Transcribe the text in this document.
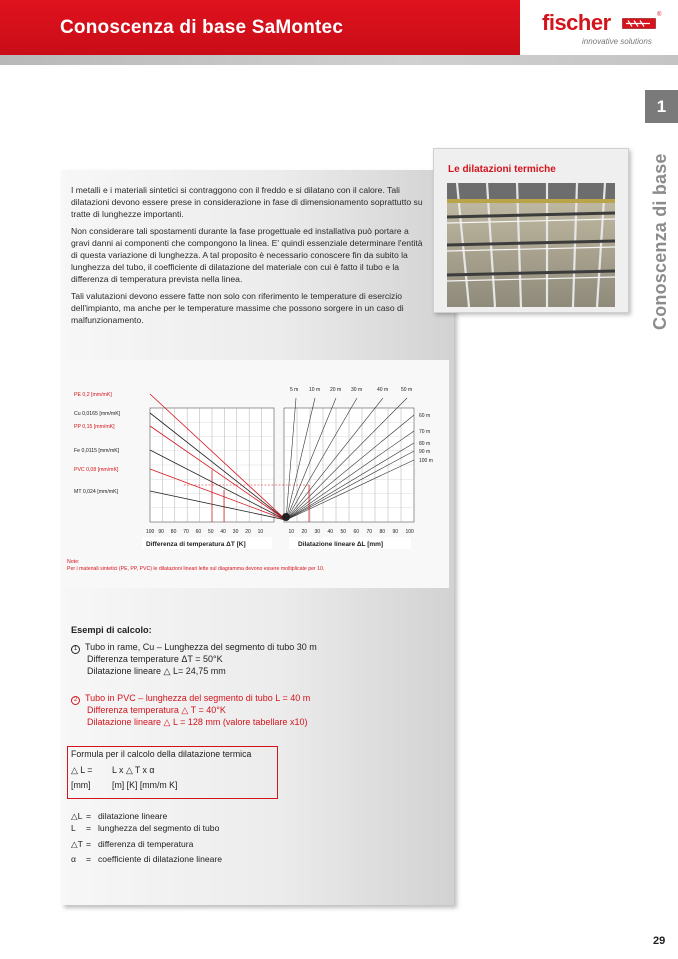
Conoscenza di base SaMontec	fischer	®
innovative solutions
1
Conoscenza di base
I metalli e i materiali sintetici si contraggono con il freddo e si dilatano con il calore. Tali dilatazioni devono essere prese in considerazione in fase di dimensionamento soprattutto su tratte di lunghezze importanti.
Non considerare tali spostamenti durante la fase progettuale ed installativa può portare a gravi danni ai componenti che compongono la linea. E' quindi essenziale determinare l'entità di questa variazione di lunghezza. A tal proposito è necessario conoscere fin da subito la lunghezza del tubo, il coefficiente di dilatazione del materiale con cui è fatto il tubo e la differenza di temperatura prevista nella linea.
Tali valutazioni devono essere fatte non solo con riferimento le temperature di esercizio dell'impianto, ma anche per le temperature massime che possono sorgere in un caso di malfunzionamento.
Le dilatazioni termiche
PE 0,2 [mm/mK]
Cu 0,0165 [mm/mK]
PP 0,15 [mm/mK]
Fe 0,0115 [mm/mK]
PVC 0,08 [mm/mK]
MT 0,024 [mm/mK]
5 m 10 m 20 m 30 m	40 m	50 m
60 m
70 m
80 m
90 m
100 m
100 90 80 70 60 50 40 30 20 10	10 20 30 40 50 60 70 80 90 100
Differenza di temperatura ΔT [K]	Dilatazione lineare ΔL [mm]
Note:
Per i materiali sintetici (PE, PP, PVC) le dilatazioni lineari lette sul diagramma devono essere moltiplicate per 10.
Esempi di calcolo:
1 Tubo in rame, Cu – Lunghezza del segmento di tubo 30 m
Differenza temperature ΔT = 50°K
Dilatazione lineare △ L= 24,75 mm
2 Tubo in PVC – lunghezza del segmento di tubo L = 40 m
Differenza temperatura △ T = 40°K
Dilatazione lineare △ L = 128 mm (valore tabellare x10)
Formula per il calcolo della dilatazione termica
△ L = L x △ T x α
[mm] [m] [K] [mm/m K]
△L = dilatazione lineare
L = lunghezza del segmento di tubo
△T = differenza di temperatura
α = coefficiente di dilatazione lineare
29
